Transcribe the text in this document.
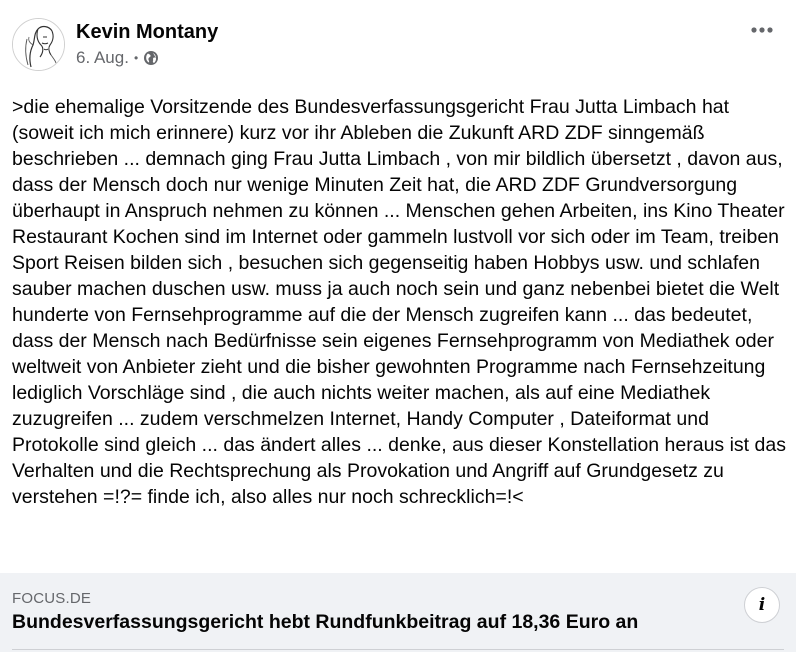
Kevin Montany
6. Aug. •

>die ehemalige Vorsitzende des Bundesverfassungsgericht Frau Jutta Limbach hat (soweit ich mich erinnere) kurz vor ihr Ableben die Zukunft ARD ZDF sinngemäß beschrieben ... demnach ging Frau Jutta Limbach , von mir bildlich übersetzt , davon aus, dass der Mensch doch nur wenige Minuten Zeit hat, die ARD ZDF Grundversorgung überhaupt in Anspruch nehmen zu können ... Menschen gehen Arbeiten, ins Kino Theater Restaurant Kochen sind im Internet oder gammeln lustvoll vor sich oder im Team, treiben Sport Reisen bilden sich , besuchen sich gegenseitig haben Hobbys usw. und schlafen sauber machen duschen usw. muss ja auch noch sein und ganz nebenbei bietet die Welt hunderte von Fernsehprogramme auf die der Mensch zugreifen kann ... das bedeutet, dass der Mensch nach Bedürfnisse sein eigenes Fernsehprogramm von Mediathek oder weltweit von Anbieter zieht und die bisher gewohnten Programme nach Fernsehzeitung lediglich Vorschläge sind , die auch nichts weiter machen, als auf eine Mediathek zuzugreifen ... zudem verschmelzen Internet, Handy Computer , Dateiformat und Protokolle sind gleich ... das ändert alles ... denke, aus dieser Konstellation heraus ist das Verhalten und die Rechtsprechung als Provokation und Angriff auf Grundgesetz zu verstehen =!?= finde ich, also alles nur noch schrecklich=!<

FOCUS.DE
Bundesverfassungsgericht hebt Rundfunkbeitrag auf 18,36 Euro an
i
